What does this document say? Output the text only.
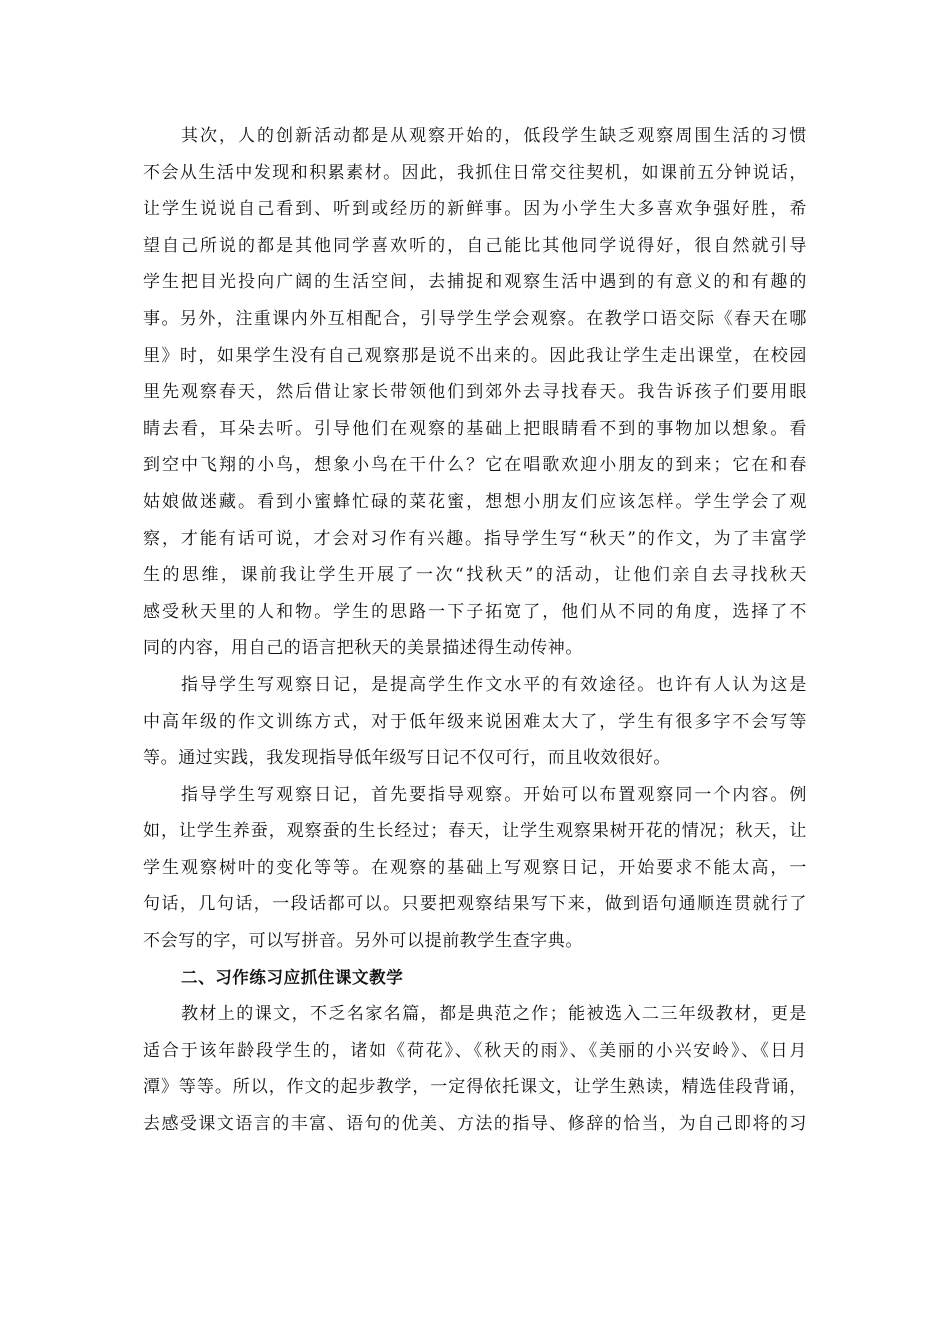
其次，人的创新活动都是从观察开始的，低段学生缺乏观察周围生活的习惯
不会从生活中发现和积累素材。因此，我抓住日常交往契机，如课前五分钟说话，
让学生说说自己看到、听到或经历的新鲜事。因为小学生大多喜欢争强好胜，希
望自己所说的都是其他同学喜欢听的，自己能比其他同学说得好，很自然就引导
学生把目光投向广阔的生活空间，去捕捉和观察生活中遇到的有意义的和有趣的
事。另外，注重课内外互相配合，引导学生学会观察。在教学口语交际《春天在哪
里》时，如果学生没有自己观察那是说不出来的。因此我让学生走出课堂，在校园
里先观察春天，然后借让家长带领他们到郊外去寻找春天。我告诉孩子们要用眼
睛去看，耳朵去听。引导他们在观察的基础上把眼睛看不到的事物加以想象。看
到空中飞翔的小鸟，想象小鸟在干什么？它在唱歌欢迎小朋友的到来；它在和春
姑娘做迷藏。看到小蜜蜂忙碌的菜花蜜，想想小朋友们应该怎样。学生学会了观
察，才能有话可说，才会对习作有兴趣。指导学生写“秋天”的作文，为了丰富学
生的思维，课前我让学生开展了一次“找秋天”的活动，让他们亲自去寻找秋天
感受秋天里的人和物。学生的思路一下子拓宽了，他们从不同的角度，选择了不
同的内容，用自己的语言把秋天的美景描述得生动传神。
指导学生写观察日记，是提高学生作文水平的有效途径。也许有人认为这是
中高年级的作文训练方式，对于低年级来说困难太大了，学生有很多字不会写等
等。通过实践，我发现指导低年级写日记不仅可行，而且收效很好。
指导学生写观察日记，首先要指导观察。开始可以布置观察同一个内容。例
如，让学生养蚕，观察蚕的生长经过；春天，让学生观察果树开花的情况；秋天，让
学生观察树叶的变化等等。在观察的基础上写观察日记，开始要求不能太高，一
句话，几句话，一段话都可以。只要把观察结果写下来，做到语句通顺连贯就行了
不会写的字，可以写拼音。另外可以提前教学生查字典。
二、习作练习应抓住课文教学
教材上的课文，不乏名家名篇，都是典范之作；能被选入二三年级教材，更是
适合于该年龄段学生的，诸如《荷花》、《秋天的雨》、《美丽的小兴安岭》、《日月
潭》等等。所以，作文的起步教学，一定得依托课文，让学生熟读，精选佳段背诵，
去感受课文语言的丰富、语句的优美、方法的指导、修辞的恰当，为自己即将的习
